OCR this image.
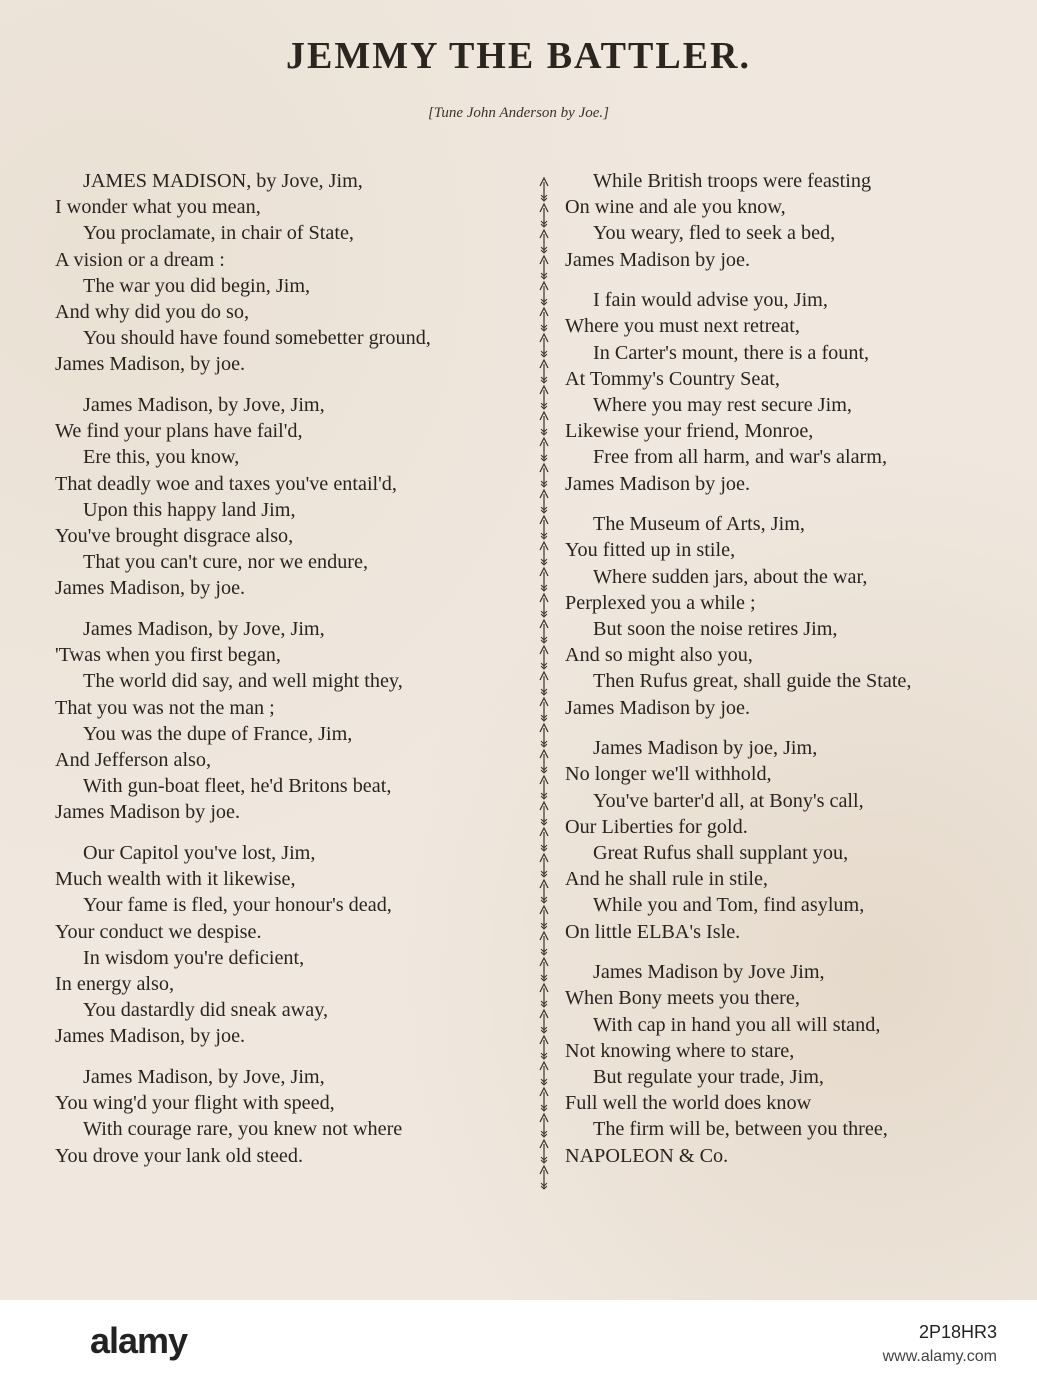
JEMMY THE BATTLER.
[Tune John Anderson by Joe.]
JAMES MADISON, by Jove, Jim,
I wonder what you mean,
You proclamate, in chair of State,
A vision or a dream :
The war you did begin, Jim,
And why did you do so,
You should have found somebetter ground,
James Madison, by joe.
James Madison, by Jove, Jim,
We find your plans have fail'd,
Ere this, you know,
That deadly woe and taxes you've entail'd,
Upon this happy land Jim,
You've brought disgrace also,
That you can't cure, nor we endure,
James Madison, by joe.
James Madison, by Jove, Jim,
'Twas when you first began,
The world did say, and well might they,
That you was not the man ;
You was the dupe of France, Jim,
And Jefferson also,
With gun-boat fleet, he'd Britons beat,
James Madison by joe.
Our Capitol you've lost, Jim,
Much wealth with it likewise,
Your fame is fled, your honour's dead,
Your conduct we despise.
In wisdom you're deficient,
In energy also,
You dastardly did sneak away,
James Madison, by joe.
James Madison, by Jove, Jim,
You wing'd your flight with speed,
With courage rare, you knew not where
You drove your lank old steed.
While British troops were feasting
On wine and ale you know,
You weary, fled to seek a bed,
James Madison by joe.
I fain would advise you, Jim,
Where you must next retreat,
In Carter's mount, there is a fount,
At Tommy's Country Seat,
Where you may rest secure Jim,
Likewise your friend, Monroe,
Free from all harm, and war's alarm,
James Madison by joe.
The Museum of Arts, Jim,
You fitted up in stile,
Where sudden jars, about the war,
Perplexed you a while ;
But soon the noise retires Jim,
And so might also you,
Then Rufus great, shall guide the State,
James Madison by joe.
James Madison by joe, Jim,
No longer we'll withhold,
You've barter'd all, at Bony's call,
Our Liberties for gold.
Great Rufus shall supplant you,
And he shall rule in stile,
While you and Tom, find asylum,
On little ELBA's Isle.
James Madison by Jove Jim,
When Bony meets you there,
With cap in hand you all will stand,
Not knowing where to stare,
But regulate your trade, Jim,
Full well the world does know
The firm will be, between you three,
NAPOLEON & Co.
alamy	2P18HR3
www.alamy.com
